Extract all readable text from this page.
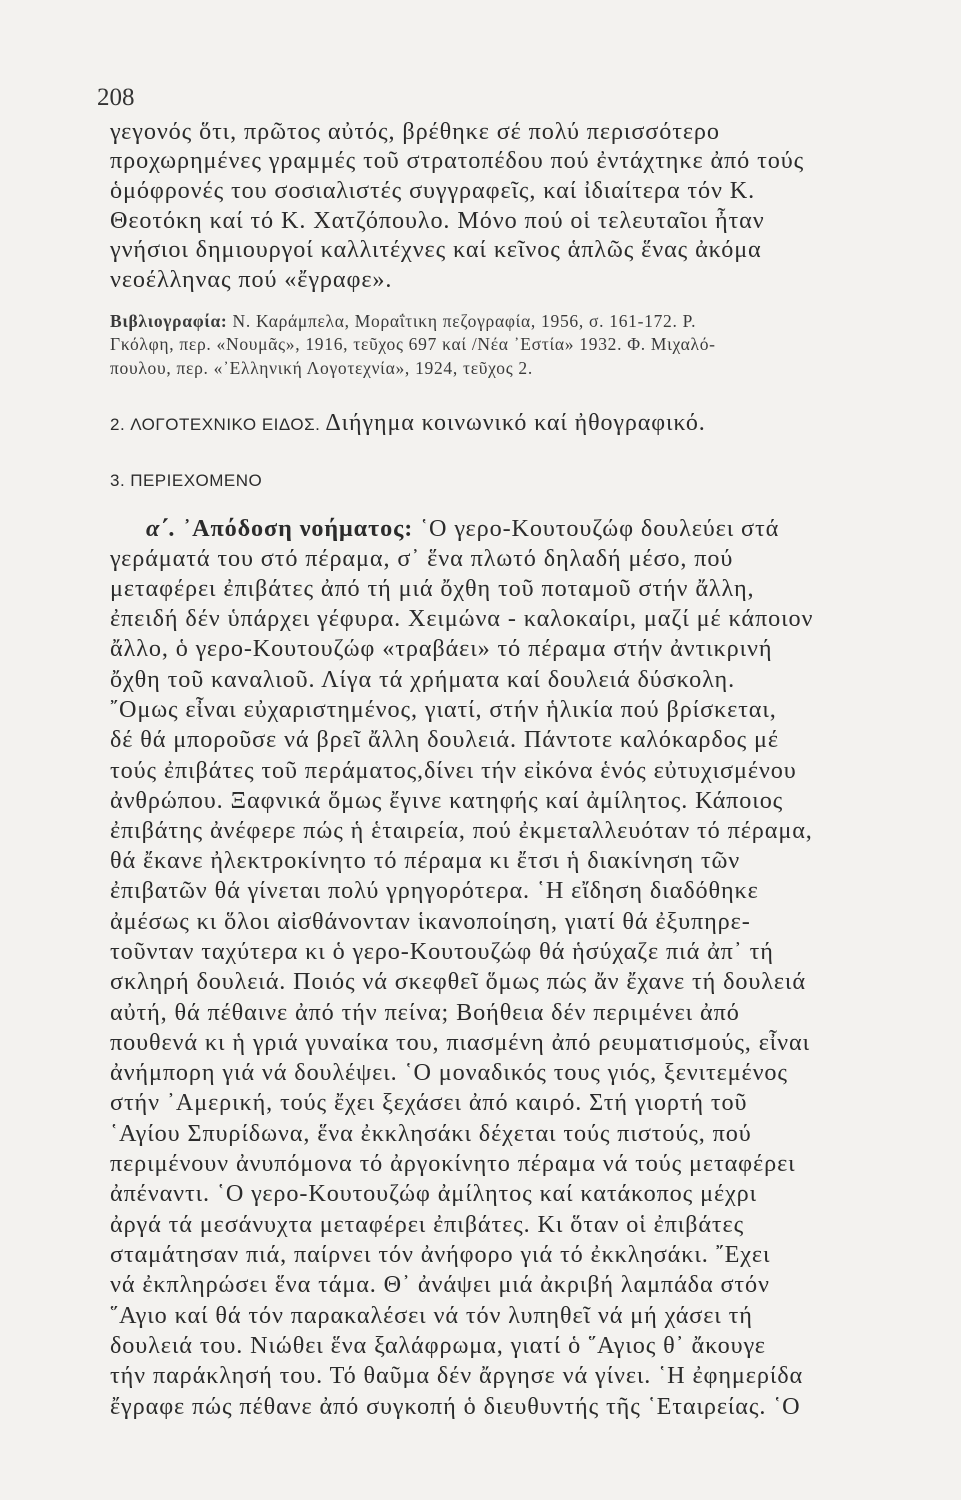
208
γεγονός ὅτι, πρῶτος αὐτός, βρέθηκε σέ πολύ περισσότερο
προχωρημένες γραμμές τοῦ στρατοπέδου πού ἐντάχτηκε ἀπό τούς
ὁμόφρονές του σοσιαλιστές συγγραφεῖς, καί ἰδιαίτερα τόν Κ.
Θεοτόκη καί τό Κ. Χατζόπουλο. Μόνο πού οἱ τελευταῖοι ἦταν
γνήσιοι δημιουργοί καλλιτέχνες καί κεῖνος ἁπλῶς ἕνας ἀκόμα
νεοέλληνας πού «ἔγραφε».
Βιβλιογραφία: Ν. Καράμπελα, Μοραΐτικη πεζογραφία, 1956, σ. 161-172. Ρ.
Γκόλφη, περ. «Νουμᾶς», 1916, τεῦχος 697 καί /Νέα ᾿Εστία» 1932. Φ. Μιχαλό-
πουλου, περ. «᾿Ελληνική Λογοτεχνία», 1924, τεῦχος 2.
2. ΛΟΓΟΤΕΧΝΙΚΟ ΕΙΔΟΣ. Διήγημα κοινωνικό καί ἠθογραφικό.
3. ΠΕΡΙΕΧΟΜΕΝΟ
α΄. ᾿Απόδοση νοήματος: ῾Ο γερο-Κουτουζώφ δουλεύει στά
γεράματά του στό πέραμα, σ᾿ ἕνα πλωτό δηλαδή μέσο, πού
μεταφέρει ἐπιβάτες ἀπό τή μιά ὄχθη τοῦ ποταμοῦ στήν ἄλλη,
ἐπειδή δέν ὑπάρχει γέφυρα. Χειμώνα - καλοκαίρι, μαζί μέ κάποιον
ἄλλο, ὁ γερο-Κουτουζώφ «τραβάει» τό πέραμα στήν ἀντικρινή
ὄχθη τοῦ καναλιοῦ. Λίγα τά χρήματα καί δουλειά δύσκολη.
῎Ομως εἶναι εὐχαριστημένος, γιατί, στήν ἡλικία πού βρίσκεται,
δέ θά μποροῦσε νά βρεῖ ἄλλη δουλειά. Πάντοτε καλόκαρδος μέ
τούς ἐπιβάτες τοῦ περάματος,δίνει τήν εἰκόνα ἑνός εὐτυχισμένου
ἀνθρώπου. Ξαφνικά ὅμως ἔγινε κατηφής καί ἀμίλητος. Κάποιος
ἐπιβάτης ἀνέφερε πώς ἡ ἑταιρεία, πού ἐκμεταλλευόταν τό πέραμα,
θά ἔκανε ἠλεκτροκίνητο τό πέραμα κι ἔτσι ἡ διακίνηση τῶν
ἐπιβατῶν θά γίνεται πολύ γρηγορότερα. ῾Η εἴδηση διαδόθηκε
ἀμέσως κι ὅλοι αἰσθάνονταν ἱκανοποίηση, γιατί θά ἐξυπηρε-
τοῦνταν ταχύτερα κι ὁ γερο-Κουτουζώφ θά ἡσύχαζε πιά ἀπ᾿ τή
σκληρή δουλειά. Ποιός νά σκεφθεῖ ὅμως πώς ἄν ἔχανε τή δουλειά
αὐτή, θά πέθαινε ἀπό τήν πείνα; Βοήθεια δέν περιμένει ἀπό
πουθενά κι ἡ γριά γυναίκα του, πιασμένη ἀπό ρευματισμούς, εἶναι
ἀνήμπορη γιά νά δουλέψει. ῾Ο μοναδικός τους γιός, ξενιτεμένος
στήν ᾿Αμερική, τούς ἔχει ξεχάσει ἀπό καιρό. Στή γιορτή τοῦ
῾Αγίου Σπυρίδωνα, ἕνα ἐκκλησάκι δέχεται τούς πιστούς, πού
περιμένουν ἀνυπόμονα τό ἀργοκίνητο πέραμα νά τούς μεταφέρει
ἀπέναντι. ῾Ο γερο-Κουτουζώφ ἀμίλητος καί κατάκοπος μέχρι
ἀργά τά μεσάνυχτα μεταφέρει ἐπιβάτες. Κι ὅταν οἱ ἐπιβάτες
σταμάτησαν πιά, παίρνει τόν ἀνήφορο γιά τό ἐκκλησάκι. ῎Εχει
νά ἐκπληρώσει ἕνα τάμα. Θ᾿ ἀνάψει μιά ἀκριβή λαμπάδα στόν
῞Αγιο καί θά τόν παρακαλέσει νά τόν λυπηθεῖ νά μή χάσει τή
δουλειά του. Νιώθει ἕνα ξαλάφρωμα, γιατί ὁ ῞Αγιος θ᾿ ἄκουγε
τήν παράκλησή του. Τό θαῦμα δέν ἄργησε νά γίνει. ῾Η ἐφημερίδα
ἔγραφε πώς πέθανε ἀπό συγκοπή ὁ διευθυντής τῆς ῾Εταιρείας. ῾Ο
